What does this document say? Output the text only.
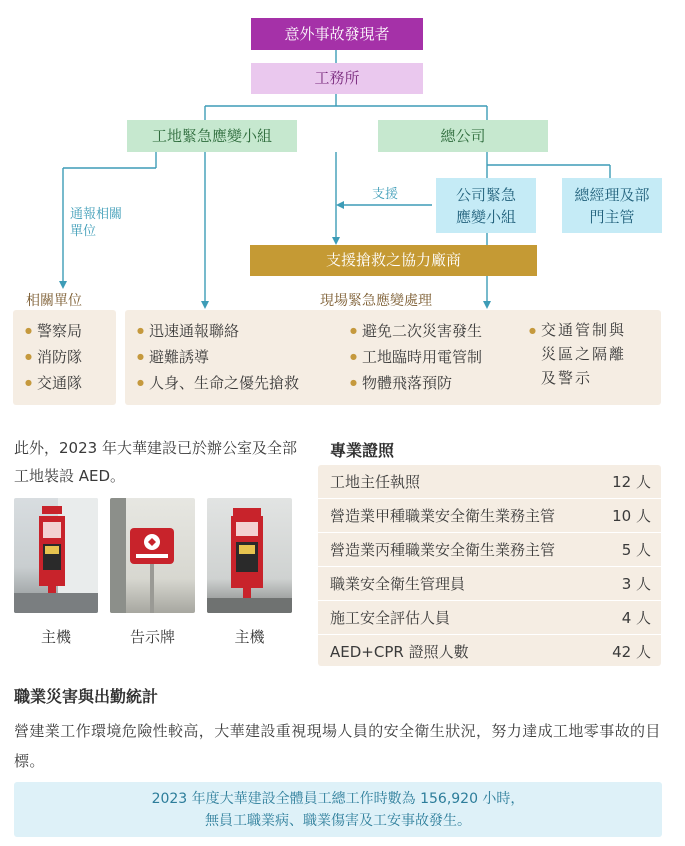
意外事故發現者
工務所
工地緊急應變小組	總公司
公司緊急應變小組
總經理及部門主管
支援搶救之協力廠商
支援
通報相關單位
相關單位	現場緊急應變處理
● 警察局
● 消防隊
● 交通隊
● 迅速通報聯絡
● 避難誘導
● 人身、生命之優先搶救
● 避免二次災害發生
● 工地臨時用電管制
● 物體飛落預防
● 交通管制與災區之隔離及警示
此外，2023 年大華建設已於辦公室及全部工地裝設 AED。
主機	告示牌	主機
專業證照
工地主任執照	12 人
營造業甲種職業安全衛生業務主管	10 人
營造業丙種職業安全衛生業務主管	5 人
職業安全衛生管理員	3 人
施工安全評估人員	4 人
AED+CPR 證照人數	42 人
職業災害與出勤統計
營建業工作環境危險性較高，大華建設重視現場人員的安全衛生狀況，努力達成工地零事故的目標。
2023 年度大華建設全體員工總工作時數為 156,920 小時，
無員工職業病、職業傷害及工安事故發生。
